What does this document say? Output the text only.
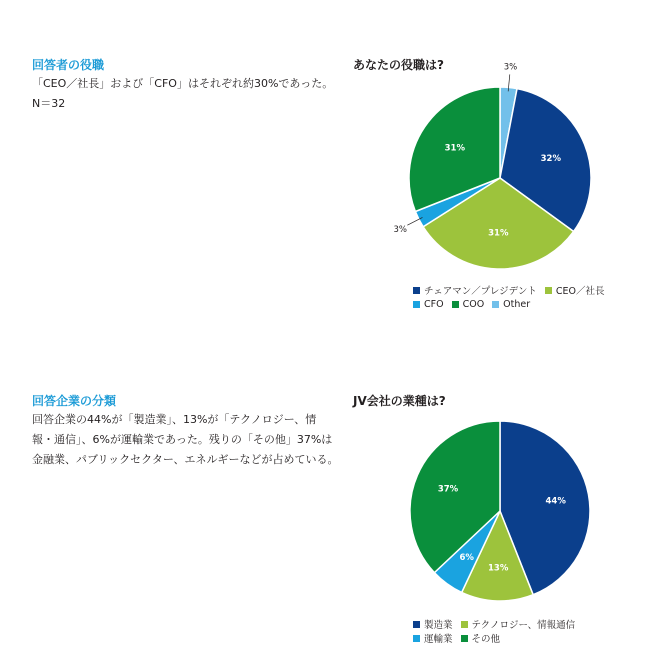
回答者の役職

「CEO／社長」および「CFO」はそれぞれ約30%であった。

N＝32

あなたの役職は?	3%
32%
31%
3%
31%
チェアマン／プレジデント CEO／社長
CFO COO Other
回答企業の分類

回答企業の44%が「製造業」、13%が「テクノロジー、情

報・通信」、6%が運輸業であった。残りの「その他」37%は

金融業、パブリックセクター、エネルギーなどが占めている。

JV会社の業種は?
44%
13%
6%
37%
製造業 テクノロジー、情報通信
運輸業 その他
